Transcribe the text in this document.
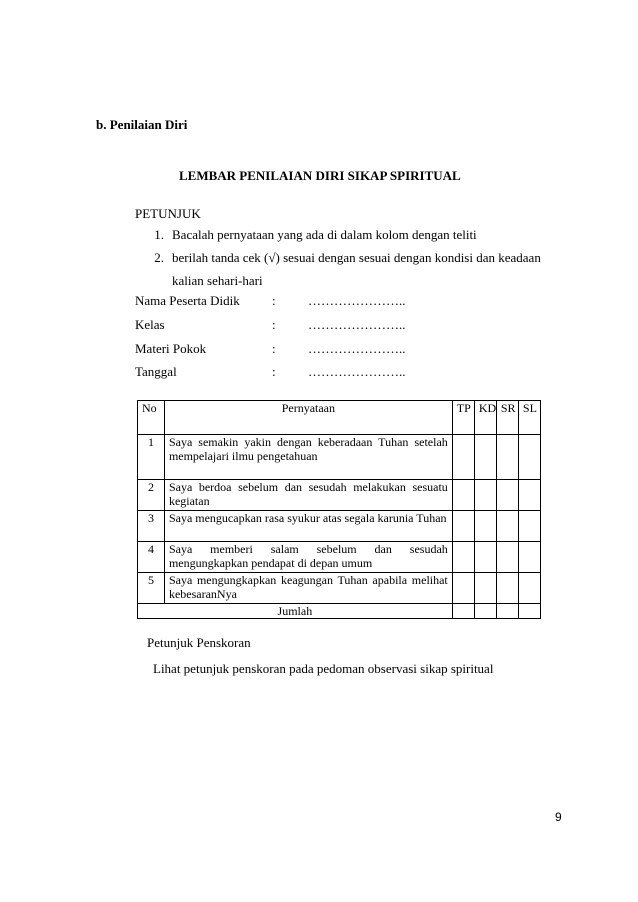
b. Penilaian Diri
LEMBAR PENILAIAN DIRI SIKAP SPIRITUAL
PETUNJUK
1. Bacalah pernyataan yang ada di dalam kolom dengan teliti
2. berilah tanda cek (√) sesuai dengan sesuai dengan kondisi dan keadaan
kalian sehari-hari
Nama Peserta Didik : …………………..
Kelas	: …………………..
Materi Pokok	: …………………..
Tanggal	: …………………..
No	Pernyataan	TP	KD	SR	SL
1	Saya semakin yakin dengan keberadaan Tuhan setelah mempelajari ilmu pengetahuan				
2	Saya berdoa sebelum dan sesudah melakukan sesuatu kegiatan				
3	Saya mengucapkan rasa syukur atas segala karunia Tuhan				
4	Saya memberi salam sebelum dan sesudah mengungkapkan pendapat di depan umum				
5	Saya mengungkapkan keagungan Tuhan apabila melihat kebesaranNya				
Jumlah					
Petunjuk Penskoran
Lihat petunjuk penskoran pada pedoman observasi sikap spiritual
9
